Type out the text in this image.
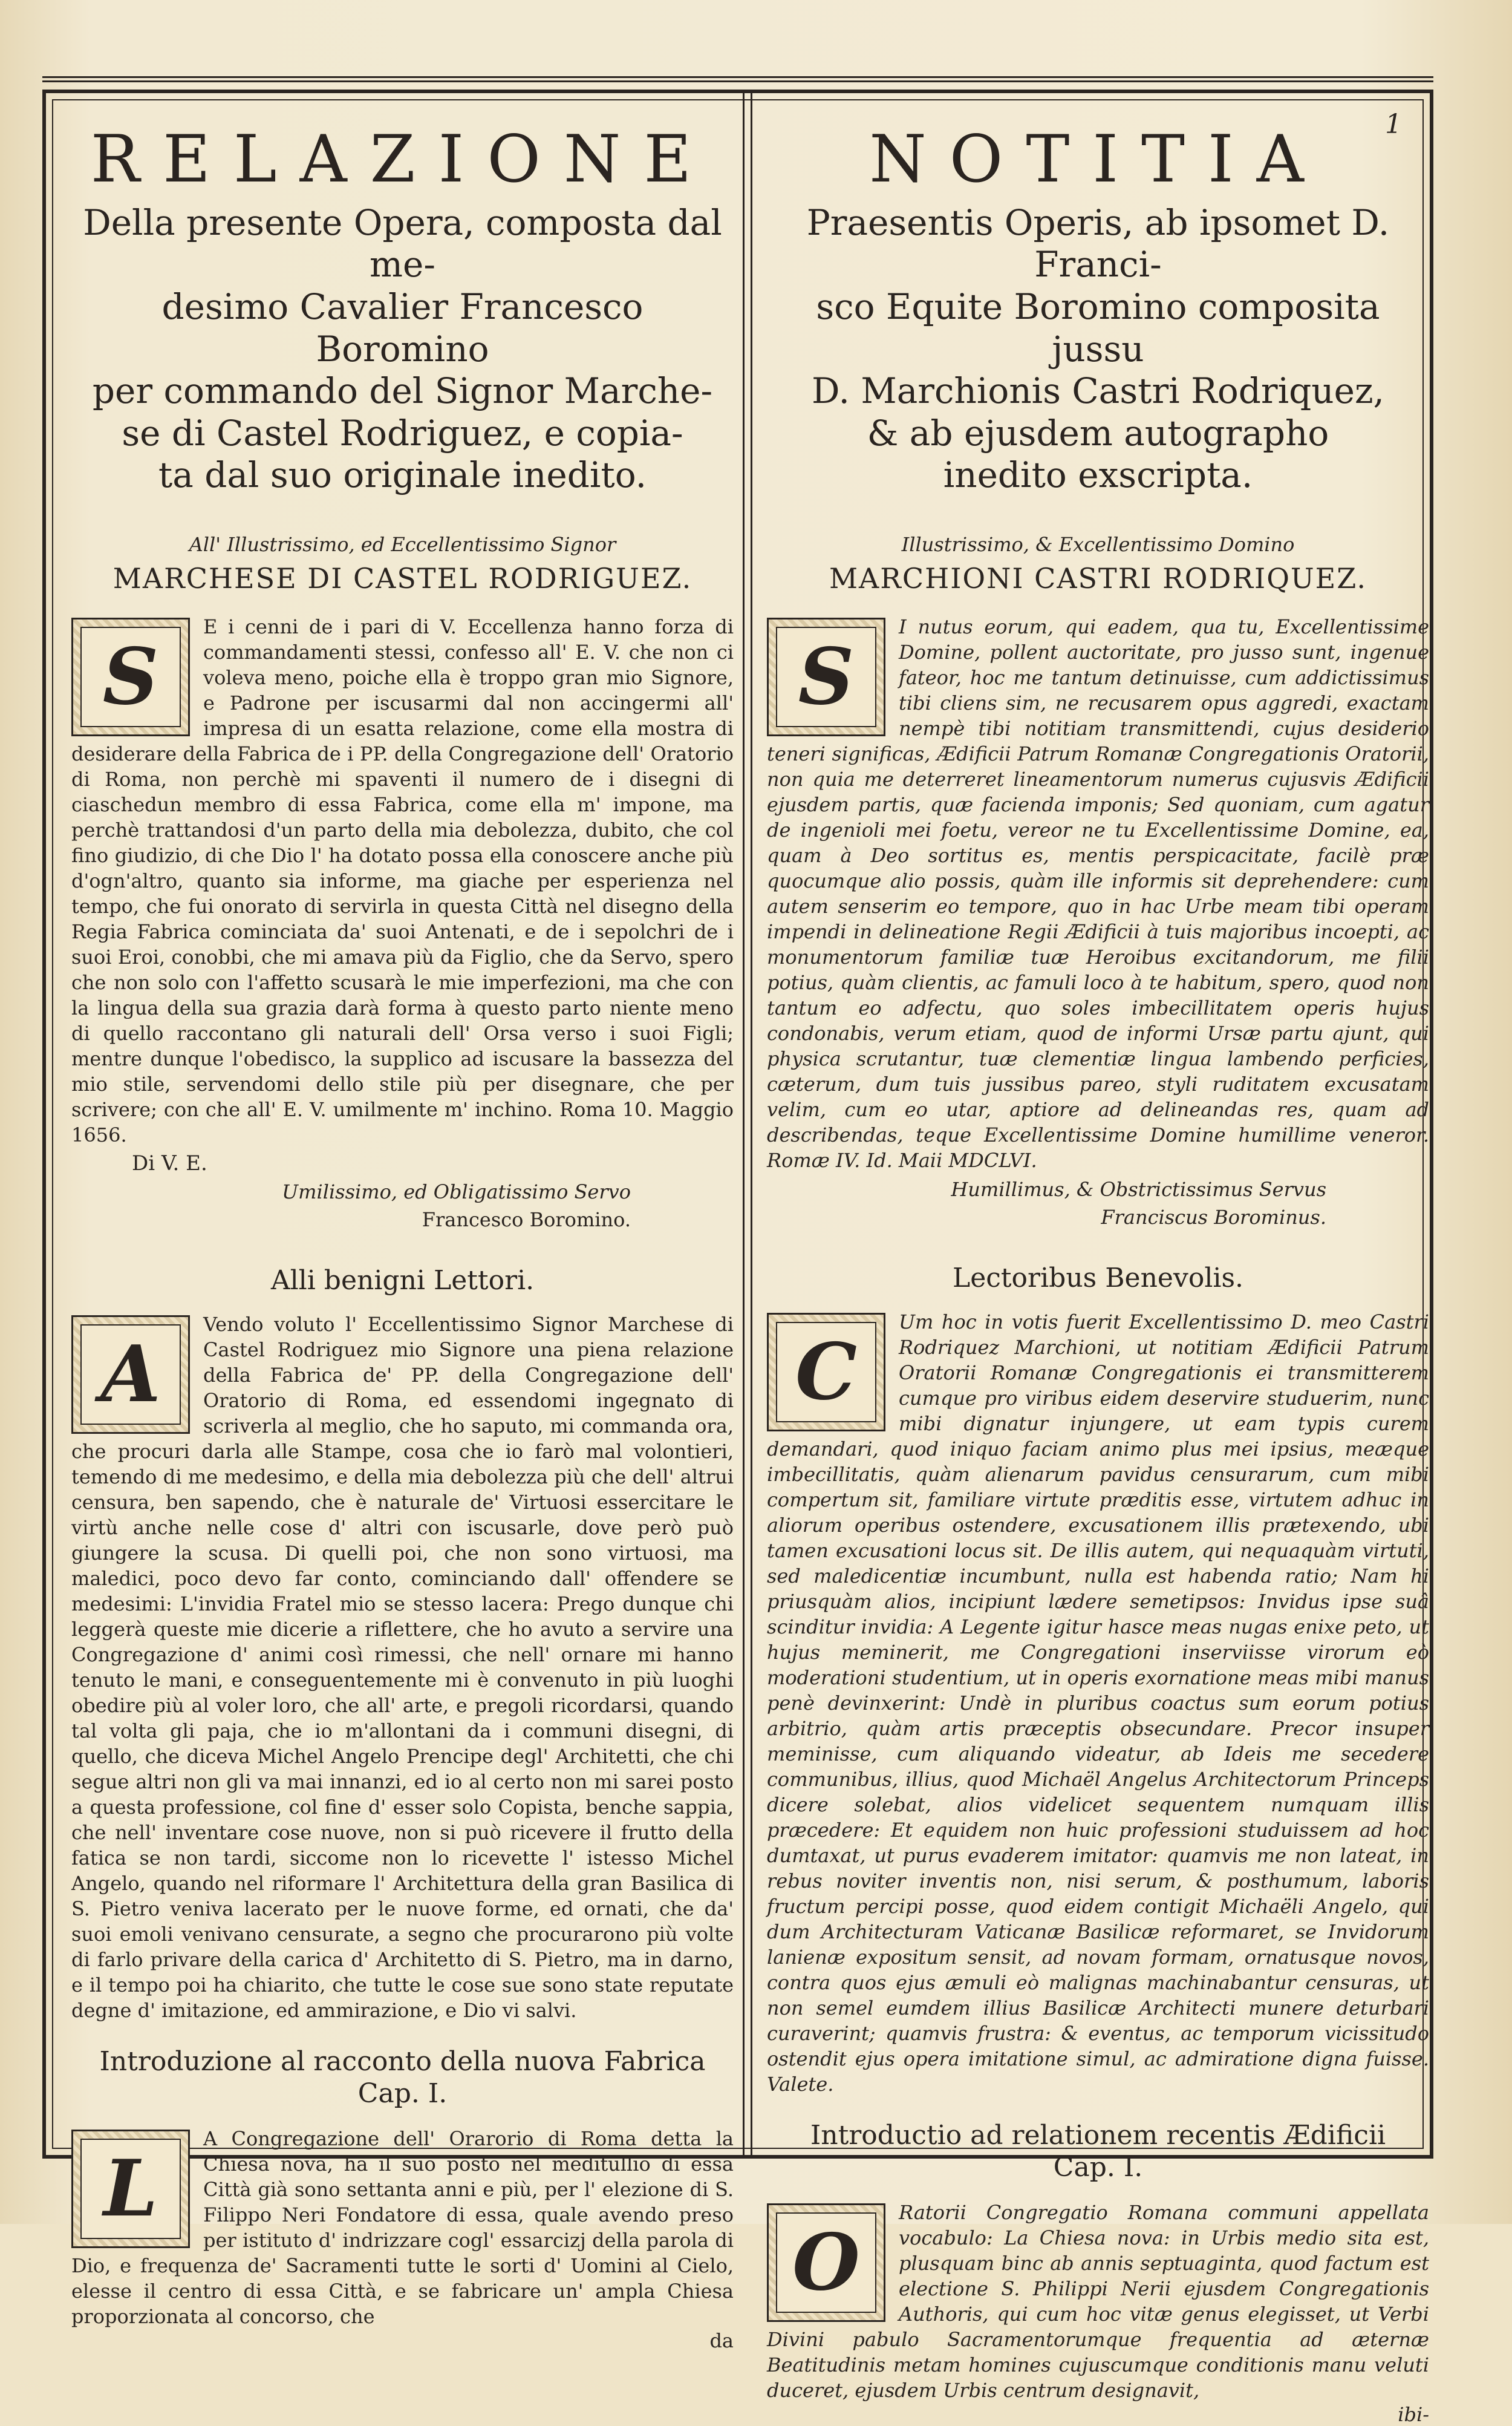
1
RELAZIONE

Della presente Opera, composta dal me-

desimo Cavalier Francesco Boromino

per commando del Signor Marche-

se di Castel Rodriguez, e copia-

ta dal suo originale inedito.

All' Illustrissimo, ed Eccellentissimo Signor
MARCHESE DI CASTEL RODRIGUEZ.
S
E i cenni de i pari di V. Eccellenza hanno forza di commandamenti stessi, confesso all' E. V. che non ci voleva meno, poiche ella è troppo gran mio Signore, e Padrone per iscusarmi dal non accingermi all' impresa di un esatta relazione, come ella mostra di desiderare della Fabrica de i PP. della Congregazione dell' Oratorio di Roma, non perchè mi spaventi il numero de i disegni di ciaschedun membro di essa Fabrica, come ella m' impone, ma perchè trattandosi d'un parto della mia debolezza, dubito, che col fino giudizio, di che Dio l' ha dotato possa ella conoscere anche più d'ogn'altro, quanto sia informe, ma giache per esperienza nel tempo, che fui onorato di servirla in questa Città nel disegno della Regia Fabrica cominciata da' suoi Antenati, e de i sepolchri de i suoi Eroi, conobbi, che mi amava più da Figlio, che da Servo, spero che non solo con l'affetto scusarà le mie imperfezioni, ma che con la lingua della sua grazia darà forma à questo parto niente meno di quello raccontano gli naturali dell' Orsa verso i suoi Figli; mentre dunque l'obedisco, la supplico ad iscusare la bassezza del mio stile, servendomi dello stile più per disegnare, che per scrivere; con che all' E. V. umilmente m' inchino. Roma 10. Maggio 1656.
Di V. E.
Umilissimo, ed Obligatissimo Servo
Francesco Boromino.
Alli benigni Lettori.
A
Vendo voluto l' Eccellentissimo Signor Marchese di Castel Rodriguez mio Signore una piena relazione della Fabrica de' PP. della Congregazione dell' Oratorio di Roma, ed essendomi ingegnato di scriverla al meglio, che ho saputo, mi commanda ora, che procuri darla alle Stampe, cosa che io farò mal volontieri, temendo di me medesimo, e della mia debolezza più che dell' altrui censura, ben sapendo, che è naturale de' Virtuosi essercitare le virtù anche nelle cose d' altri con iscusarle, dove però può giungere la scusa. Di quelli poi, che non sono virtuosi, ma maledici, poco devo far conto, cominciando dall' offendere se medesimi: L'invidia Fratel mio se stesso lacera: Prego dunque chi leggerà queste mie dicerie a riflettere, che ho avuto a servire una Congregazione d' animi così rimessi, che nell' ornare mi hanno tenuto le mani, e conseguentemente mi è convenuto in più luoghi obedire più al voler loro, che all' arte, e pregoli ricordarsi, quando tal volta gli paja, che io m'allontani da i communi disegni, di quello, che diceva Michel Angelo Prencipe degl' Architetti, che chi segue altri non gli va mai innanzi, ed io al certo non mi sarei posto a questa professione, col fine d' esser solo Copista, benche sappia, che nell' inventare cose nuove, non si può ricevere il frutto della fatica se non tardi, siccome non lo ricevette l' istesso Michel Angelo, quando nel riformare l' Architettura della gran Basilica di S. Pietro veniva lacerato per le nuove forme, ed ornati, che da' suoi emoli venivano censurate, a segno che procurarono più volte di farlo privare della carica d' Architetto di S. Pietro, ma in darno, e il tempo poi ha chiarito, che tutte le cose sue sono state reputate degne d' imitazione, ed ammirazione, e Dio vi salvi.
Introduzione al racconto della nuova Fabrica
Cap. I.
L
A Congregazione dell' Orarorio di Roma detta la Chiesa nova, ha il suo posto nel meditullio di essa Città già sono settanta anni e più, per l' elezione di S. Filippo Neri Fondatore di essa, quale avendo preso per istituto d' indrizzare cogl' essarcizj della parola di Dio, e frequenza de' Sacramenti tutte le sorti d' Uomini al Cielo, elesse il centro di essa Città, e se fabricare un' ampla Chiesa proporzionata al concorso, che
da
NOTITIA

Praesentis Operis, ab ipsomet D. Franci-

sco Equite Boromino composita jussu

D. Marchionis Castri Rodriquez,

& ab ejusdem autographo

inedito exscripta.

Illustrissimo, & Excellentissimo Domino
MARCHIONI CASTRI RODRIQUEZ.
S
I nutus eorum, qui eadem, qua tu, Excellentissime Domine, pollent auctoritate, pro jusso sunt, ingenue fateor, hoc me tantum detinuisse, cum addictissimus tibi cliens sim, ne recusarem opus aggredi, exactam nempè tibi notitiam transmittendi, cujus desiderio teneri significas, Ædificii Patrum Romanæ Congregationis Oratorii, non quia me deterreret lineamentorum numerus cujusvis Ædificii ejusdem partis, quæ facienda imponis; Sed quoniam, cum agatur de ingenioli mei foetu, vereor ne tu Excellentissime Domine, ea, quam à Deo sortitus es, mentis perspicacitate, facilè præ quocumque alio possis, quàm ille informis sit deprehendere: cum autem senserim eo tempore, quo in hac Urbe meam tibi operam impendi in delineatione Regii Ædificii à tuis majoribus incoepti, ac monumentorum familiæ tuæ Heroibus excitandorum, me filii potius, quàm clientis, ac famuli loco à te habitum, spero, quod non tantum eo adfectu, quo soles imbecillitatem operis hujus condonabis, verum etiam, quod de informi Ursæ partu ajunt, qui physica scrutantur, tuæ clementiæ lingua lambendo perficies, cæterum, dum tuis jussibus pareo, styli ruditatem excusatam velim, cum eo utar, aptiore ad delineandas res, quam ad describendas, teque Excellentissime Domine humillime veneror. Romæ IV. Id. Maii MDCLVI.
Humillimus, & Obstrictissimus Servus
Franciscus Borominus.
Lectoribus Benevolis.
C
Um hoc in votis fuerit Excellentissimo D. meo Castri Rodriquez Marchioni, ut notitiam Ædificii Patrum Oratorii Romanæ Congregationis ei transmitterem cumque pro viribus eidem deservire studuerim, nunc mibi dignatur injungere, ut eam typis curem demandari, quod iniquo faciam animo plus mei ipsius, meæque imbecillitatis, quàm alienarum pavidus censurarum, cum mibi compertum sit, familiare virtute præditis esse, virtutem adhuc in aliorum operibus ostendere, excusationem illis prætexendo, ubi tamen excusationi locus sit. De illis autem, qui nequaquàm virtuti, sed maledicentiæ incumbunt, nulla est habenda ratio; Nam hi priusquàm alios, incipiunt lædere semetipsos: Invidus ipse suâ scinditur invidia: A Legente igitur hasce meas nugas enixe peto, ut hujus meminerit, me Congregationi inserviisse virorum eò moderationi studentium, ut in operis exornatione meas mibi manus penè devinxerint: Undè in pluribus coactus sum eorum potius arbitrio, quàm artis præceptis obsecundare. Precor insuper meminisse, cum aliquando videatur, ab Ideis me secedere communibus, illius, quod Michaël Angelus Architectorum Princeps dicere solebat, alios videlicet sequentem numquam illis præcedere: Et equidem non huic professioni studuissem ad hoc dumtaxat, ut purus evaderem imitator: quamvis me non lateat, in rebus noviter inventis non, nisi serum, & posthumum, laboris fructum percipi posse, quod eidem contigit Michaëli Angelo, qui dum Architecturam Vaticanæ Basilicæ reformaret, se Invidorum lanienæ expositum sensit, ad novam formam, ornatusque novos, contra quos ejus æmuli eò malignas machinabantur censuras, ut non semel eumdem illius Basilicæ Architecti munere deturbari curaverint; quamvis frustra: & eventus, ac temporum vicissitudo ostendit ejus opera imitatione simul, ac admiratione digna fuisse. Valete.
Introductio ad relationem recentis Ædificii
Cap. I.
O
Ratorii Congregatio Romana communi appellata vocabulo: La Chiesa nova: in Urbis medio sita est, plusquam binc ab annis septuaginta, quod factum est electione S. Philippi Nerii ejusdem Congregationis Authoris, qui cum hoc vitæ genus elegisset, ut Verbi Divini pabulo Sacramentorumque frequentia ad æternæ Beatitudinis metam homines cujuscumque conditionis manu veluti duceret, ejusdem Urbis centrum designavit,
ibi-
